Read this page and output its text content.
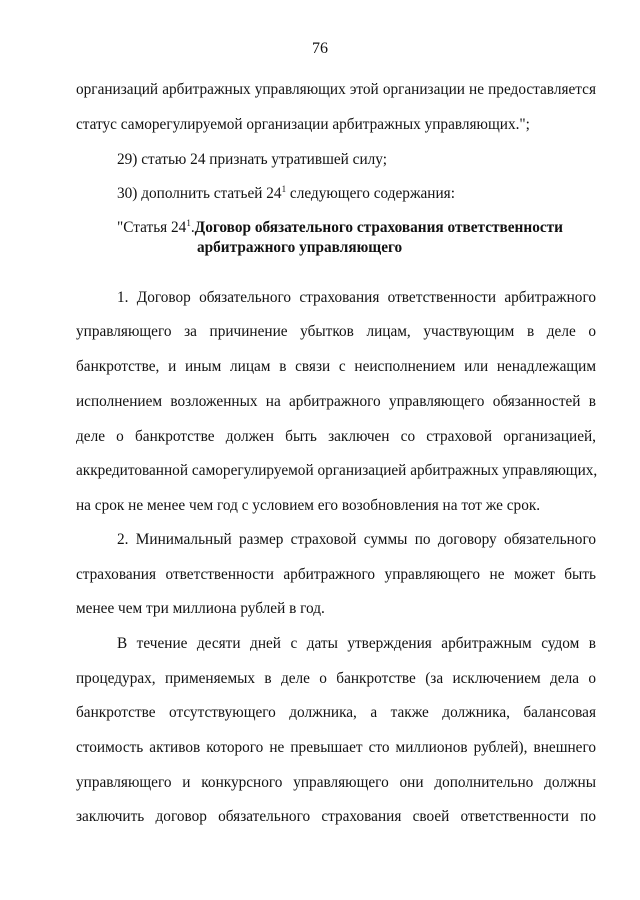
76
организаций арбитражных управляющих этой организации не предоставляется
статус саморегулируемой организации арбитражных управляющих.";
29) статью 24 признать утратившей силу;
30) дополнить статьей $24^1$ следующего содержания:
"Статья $24^1.Договор$ обязательного страхования ответственности
арбитражного управляющего
1. Договор обязательного страхования ответственности арбитражного
управляющего за причинение убытков лицам, участвующим в деле о
банкротстве, и иным лицам в связи с неисполнением или ненадлежащим
исполнением возложенных на арбитражного управляющего обязанностей в
деле о банкротстве должен быть заключен со страховой организацией,
аккредитованной саморегулируемой организацией арбитражных управляющих,
на срок не менее чем год с условием его возобновления на тот же срок.
2. Минимальный размер страховой суммы по договору обязательного
страхования ответственности арбитражного управляющего не может быть
менее чем три миллиона рублей в год.
В течение десяти дней с даты утверждения арбитражным судом в
процедурах, применяемых в деле о банкротстве (за исключением дела о
банкротстве отсутствующего должника, а также должника, балансовая
стоимость активов которого не превышает сто миллионов рублей), внешнего
управляющего и конкурсного управляющего они дополнительно должны
заключить договор обязательного страхования своей ответственности по
